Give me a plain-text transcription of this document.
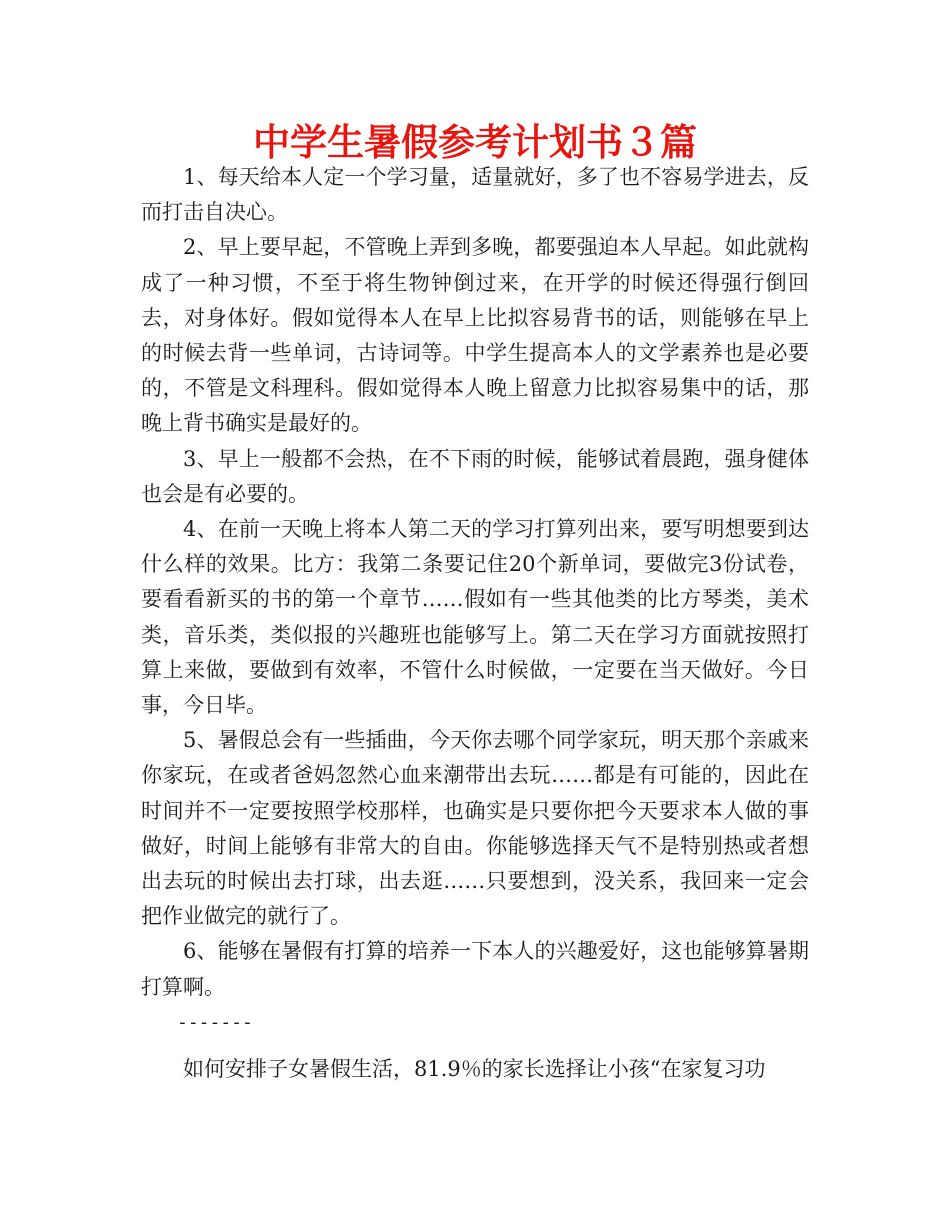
中学生暑假参考计划书３篇

1、每天给本人定一个学习量，适量就好，多了也不容易学进去，反而打击自决心。

2、早上要早起，不管晚上弄到多晚，都要强迫本人早起。如此就构成了一种习惯，不至于将生物钟倒过来，在开学的时候还得强行倒回去，对身体好。假如觉得本人在早上比拟容易背书的话，则能够在早上的时候去背一些单词，古诗词等。中学生提高本人的文学素养也是必要的，不管是文科理科。假如觉得本人晚上留意力比拟容易集中的话，那晚上背书确实是最好的。

3、早上一般都不会热，在不下雨的时候，能够试着晨跑，强身健体也会是有必要的。

4、在前一天晚上将本人第二天的学习打算列出来，要写明想要到达什么样的效果。比方：我第二条要记住20个新单词，要做完3份试卷，要看看新买的书的第一个章节……假如有一些其他类的比方琴类，美术类，音乐类，类似报的兴趣班也能够写上。第二天在学习方面就按照打算上来做，要做到有效率，不管什么时候做，一定要在当天做好。今日事，今日毕。

5、暑假总会有一些插曲，今天你去哪个同学家玩，明天那个亲戚来你家玩，在或者爸妈忽然心血来潮带出去玩……都是有可能的，因此在时间并不一定要按照学校那样，也确实是只要你把今天要求本人做的事做好，时间上能够有非常大的自由。你能够选择天气不是特别热或者想出去玩的时候出去打球，出去逛……只要想到，没关系，我回来一定会把作业做完的就行了。

6、能够在暑假有打算的培养一下本人的兴趣爱好，这也能够算暑期打算啊。

-------

如何安排子女暑假生活，81.9％的家长选择让小孩“在家复习功
